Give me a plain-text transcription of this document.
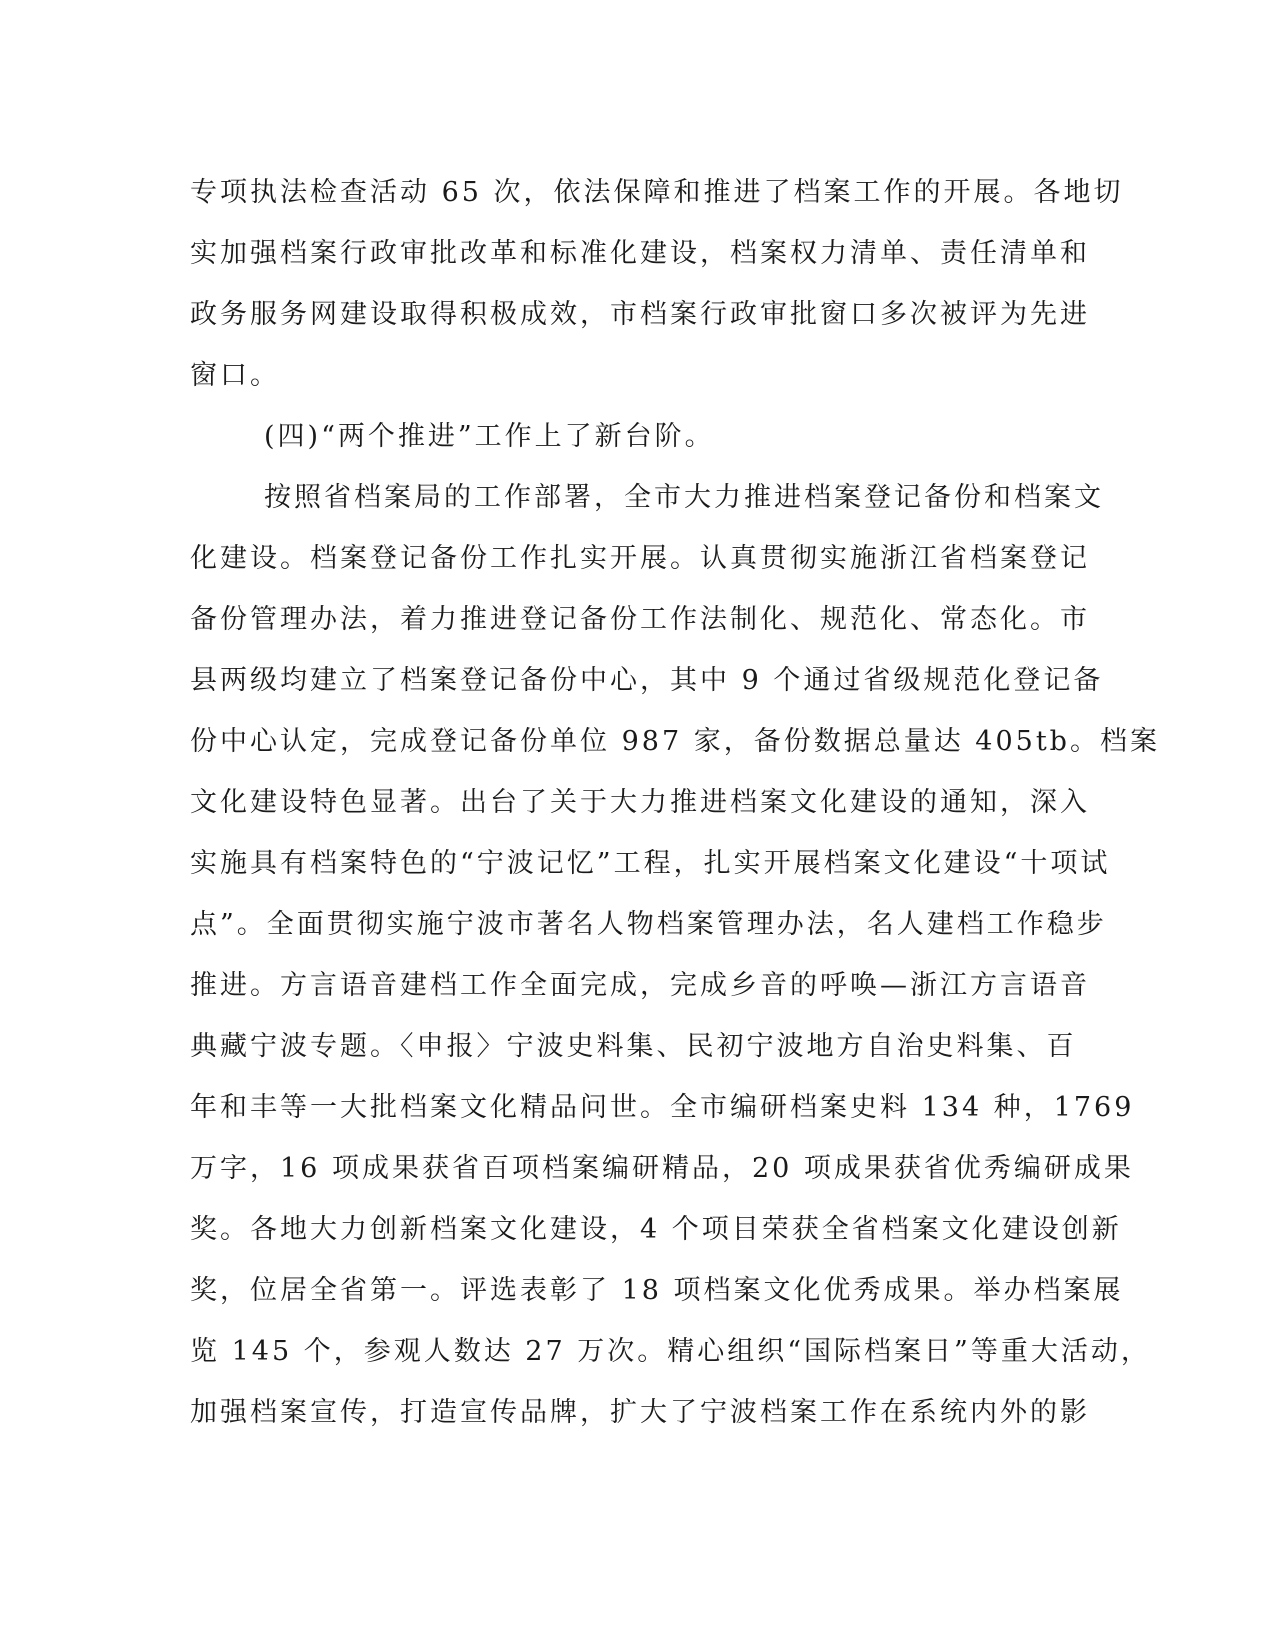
专项执法检查活动 65 次，依法保障和推进了档案工作的开展。各地切
实加强档案行政审批改革和标准化建设，档案权力清单、责任清单和
政务服务网建设取得积极成效，市档案行政审批窗口多次被评为先进
窗口。
(四)“两个推进”工作上了新台阶。
按照省档案局的工作部署，全市大力推进档案登记备份和档案文
化建设。档案登记备份工作扎实开展。认真贯彻实施浙江省档案登记
备份管理办法，着力推进登记备份工作法制化、规范化、常态化。市
县两级均建立了档案登记备份中心，其中 9 个通过省级规范化登记备
份中心认定，完成登记备份单位 987 家，备份数据总量达 405tb。档案
文化建设特色显著。出台了关于大力推进档案文化建设的通知，深入
实施具有档案特色的“宁波记忆”工程，扎实开展档案文化建设“十项试
点”。全面贯彻实施宁波市著名人物档案管理办法，名人建档工作稳步
推进。方言语音建档工作全面完成，完成乡音的呼唤—浙江方言语音
典藏宁波专题。〈申报〉宁波史料集、民初宁波地方自治史料集、百
年和丰等一大批档案文化精品问世。全市编研档案史料 134 种，1769
万字，16 项成果获省百项档案编研精品，20 项成果获省优秀编研成果
奖。各地大力创新档案文化建设，4 个项目荣获全省档案文化建设创新
奖，位居全省第一。评选表彰了 18 项档案文化优秀成果。举办档案展
览 145 个，参观人数达 27 万次。精心组织“国际档案日”等重大活动，
加强档案宣传，打造宣传品牌，扩大了宁波档案工作在系统内外的影
